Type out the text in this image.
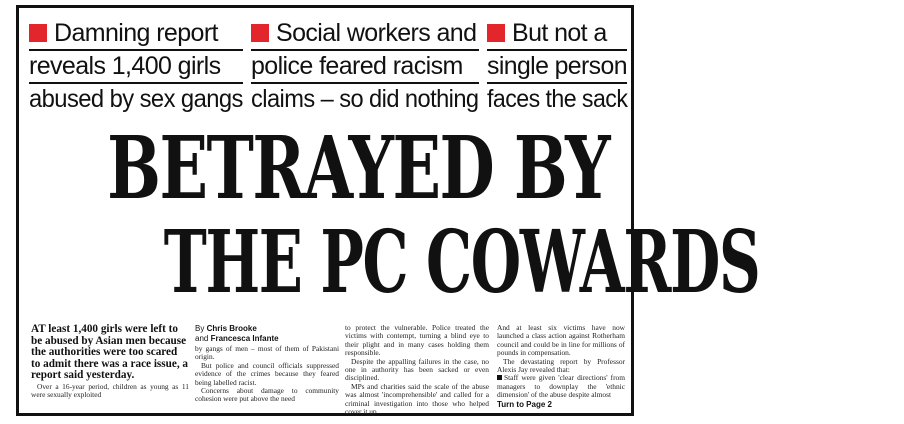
Damning report
reveals 1,400 girls
abused by sex gangs
Social workers and
police feared racism
claims – so did nothing
But not a
single person
faces the sack
BETRAYED BY
THE PC COWARDS

AT least 1,400 girls were left to be abused by Asian men because the authorities were too scared to admit there was a race issue, a report said yesterday.

Over a 16-year period, children as young as 11 were sexually exploited

By Chris Brooke
and Francesca Infante

by gangs of men – most of them of Pakistani origin.

But police and council officials suppressed evidence of the crimes because they feared being labelled racist.

Concerns about damage to community cohesion were put above the need

to protect the vulnerable. Police treated the victims with contempt, turning a blind eye to their plight and in many cases holding them responsible.

Despite the appalling failures in the case, no one in authority has been sacked or even disciplined.

MPs and charities said the scale of the abuse was almost 'incomprehensible' and called for a criminal investigation into those who helped cover it up.

And at least six victims have now launched a class action against Rotherham council and could be in line for millions of pounds in compensation.

The devastating report by Professor Alexis Jay revealed that:

Staff were given 'clear directions' from managers to downplay the 'ethnic dimension' of the abuse despite almost

Turn to Page 2
